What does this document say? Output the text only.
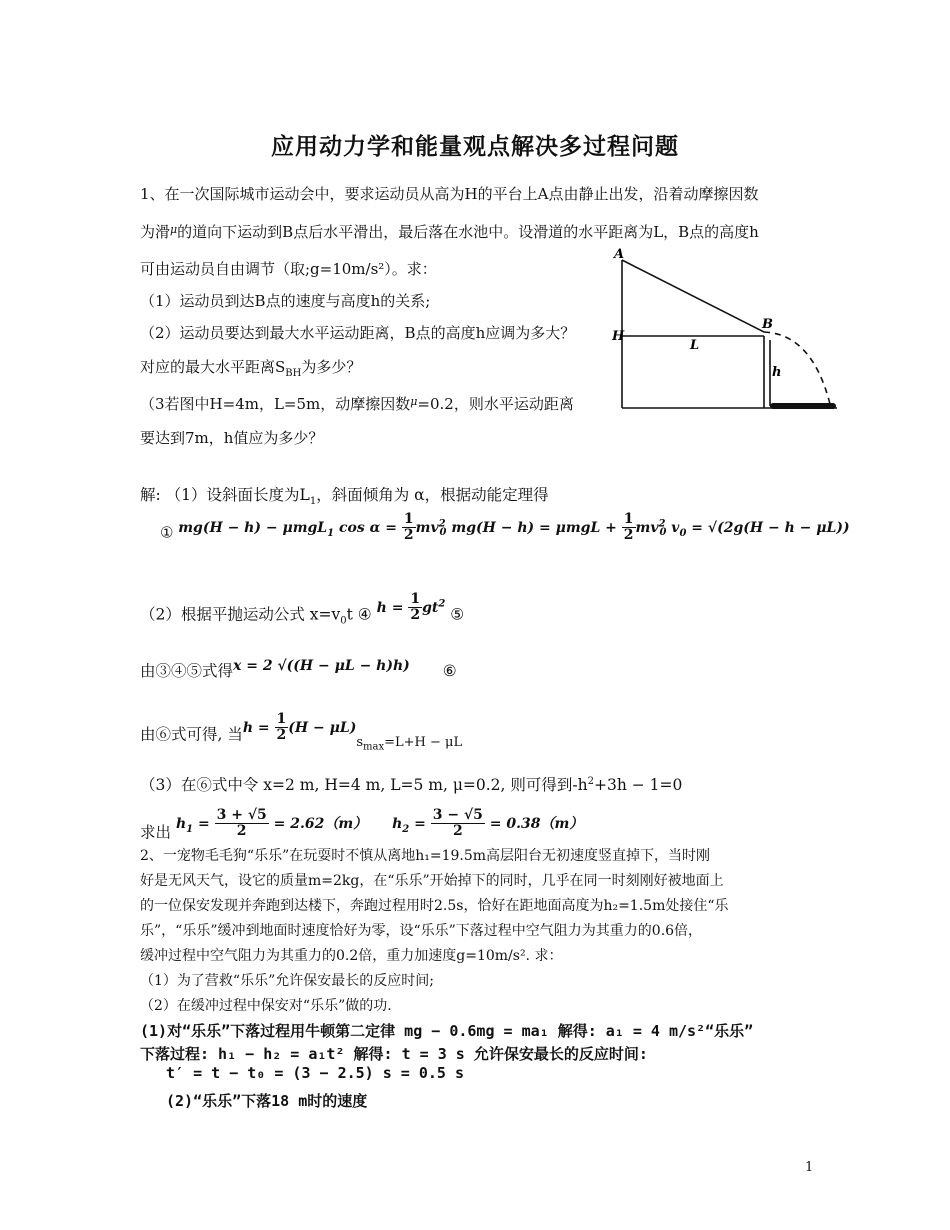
应用动力学和能量观点解决多过程问题
1、在一次国际城市运动会中，要求运动员从高为H的平台上A点由静止出发，沿着动摩擦因数
为滑$^\mu$的道向下运动到B点后水平滑出，最后落在水池中。设滑道的水平距离为L，B点的高度h
可由运动员自由调节（取;g=10m/s²）。求：
（1）运动员到达B点的速度与高度h的关系;
（2）运动员要达到最大水平运动距离，B点的高度h应调为多大？
对应的最大水平距离$S_{BH}$为多少？
（3若图中H=4m，L=5m，动摩擦因数$^\mu$=0.2，则水平运动距离
要达到7m，h值应为多少？
A
H
B
L
h
解: （1）设斜面长度为$L_1$，斜面倾角为 α，根据动能定理得
① mg(H − h) − μmgL$_1$ $\cos \alpha = \frac{1}{2} mv^2_0$ $mg(H - h) = \mu mgL + \frac{1}{2} mv^2_0$ $v_0 = √(2g(H - h - \mu L))$
（2）根据平抛运动公式 $x=v_0t$ ④ $h = \frac{1}{2} gt^2$ ⑤
由③④⑤式得x = 2 √((H − μL − h)h) ⑥
由⑥式可得, 当$h = \frac{1}{2} (H - \mu L)_{s_{max}=L+H - \mu L}$
（3）在⑥式中令 x=2 m, H=4 m, L=5 m, μ=0.2, 则可得到$-h^2+3h - 1=0$
求出 $h_1 = \frac{3 + √5}{2} = 2.62(m) h_2 = \frac{3 - √5}{2} = 0.38(m)$
2、一宠物毛毛狗“乐乐”在玩耍时不慎从离地h₁=19.5m高层阳台无初速度竖直掉下，当时刚
好是无风天气，设它的质量m=2kg，在“乐乐”开始掉下的同时，几乎在同一时刻刚好被地面上
的一位保安发现并奔跑到达楼下，奔跑过程用时2.5s，恰好在距地面高度为h₂=1.5m处接住“乐
乐”，“乐乐”缓冲到地面时速度恰好为零，设“乐乐”下落过程中空气阻力为其重力的0.6倍，
缓冲过程中空气阻力为其重力的0.2倍，重力加速度g=10m/s². 求：
（1）为了营救“乐乐”允许保安最长的反应时间;
（2）在缓冲过程中保安对“乐乐”做的功.
(1)对“乐乐”下落过程用牛顿第二定律 mg − 0.6mg = ma₁ 解得: a₁ = 4 m/s²“乐乐”
下落过程: h₁ − h₂ = a₁t² 解得: t = 3 s 允许保安最长的反应时间:
t′ = t − t₀ = (3 − 2.5) s = 0.5 s
(2)“乐乐”下落18 m时的速度
1
